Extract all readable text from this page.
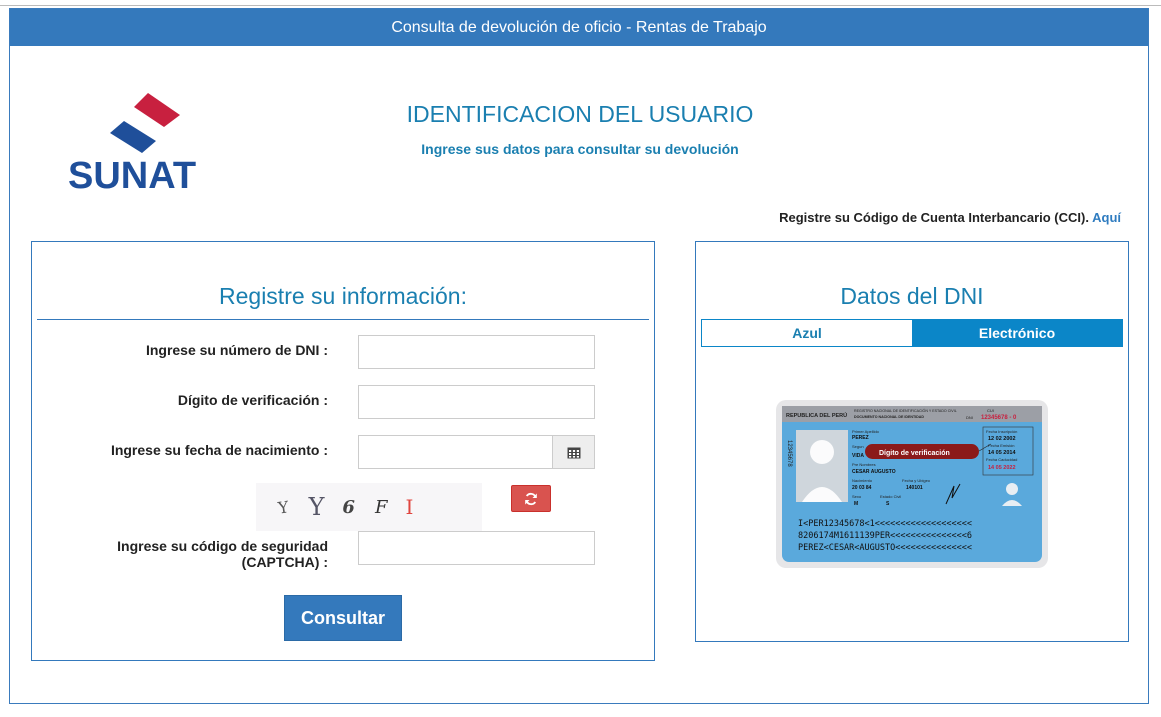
Consulta de devolución de oficio - Rentas de Trabajo
SUNAT
IDENTIFICACION DEL USUARIO
Ingrese sus datos para consultar su devolución
Registre su Código de Cuenta Interbancario (CCI). Aquí
Registre su información:
Ingrese su número de DNI :
Dígito de verificación :
Ingrese su fecha de nacimiento :
Y Y 6 F I
Ingrese su código de seguridad
(CAPTCHA) :
Consultar
Datos del DNI
Azul	Electrónico
REPUBLICA DEL PERÚ
REGISTRO NACIONAL DE IDENTIFICACIÓN Y ESTADO CIVIL
DOCUMENTO NACIONAL DE IDENTIDAD
CUI
DNI 12345678 - 0
12345678
Primer Apellido
PEREZ
Segun
VIDA
Pre Nombres
CESAR AUGUSTO
Nacimiento
20 03 84
Fecha y Ubigeo
140101
Sexo
M
Estado Civil
S
Dígito de verificación
Fecha Inscripción
12 02 2002
Fecha Emisión
14 05 2014
Fecha Caducidad
14 05 2022
I<PER12345678<1<<<<<<<<<<<<<<<<<<<
8206174M1611139PER<<<<<<<<<<<<<<<6
PEREZ<CESAR<AUGUSTO<<<<<<<<<<<<<<<
